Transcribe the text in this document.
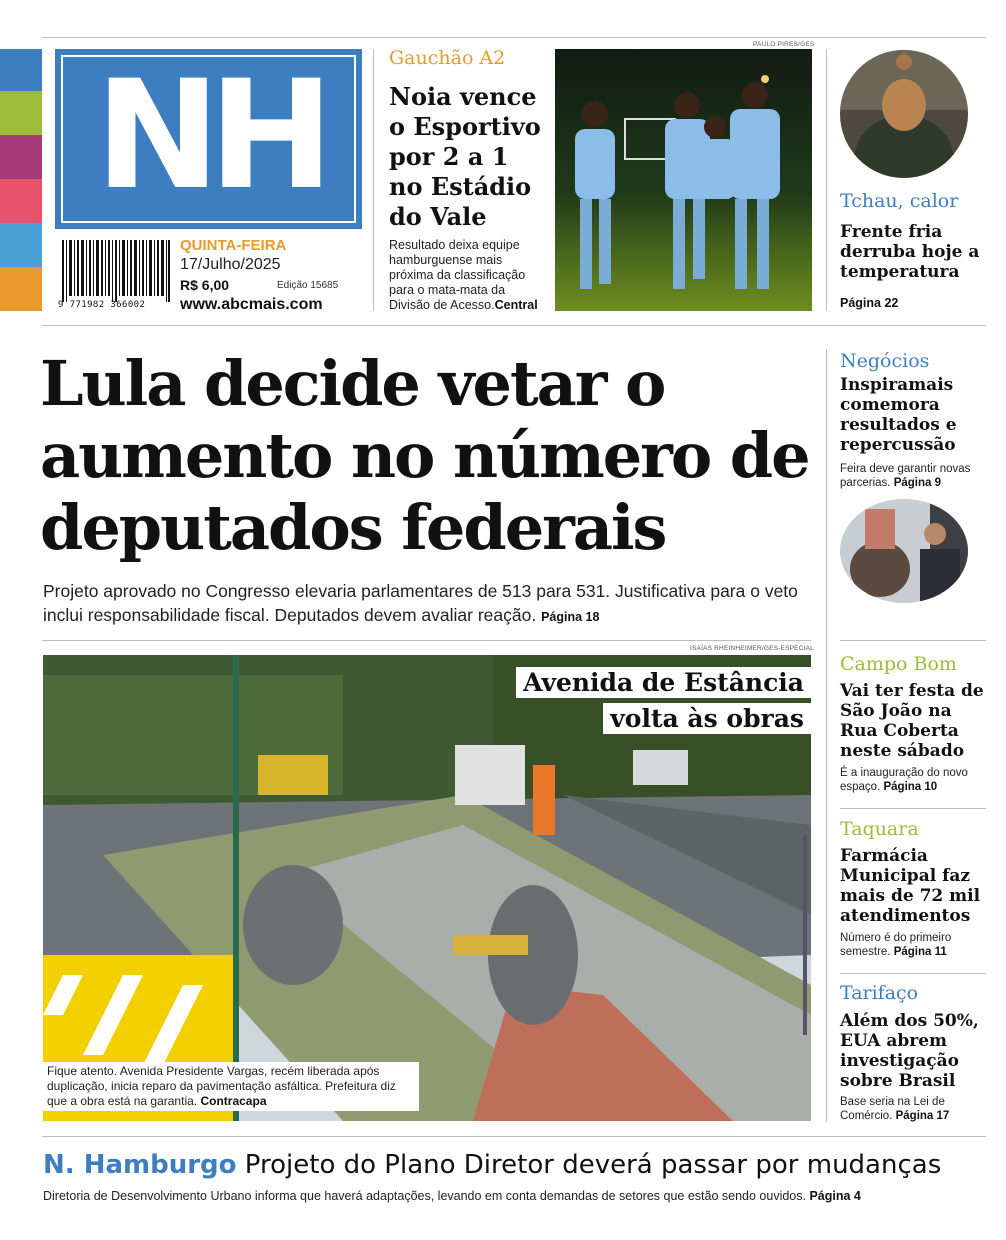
NH
9 771982 366002
QUINTA-FEIRA
17/Julho/2025
R$ 6,00	Edição 15685
www.abcmais.com
Gauchão A2
Noia vence o Esportivo por 2 a 1 no Estádio do Vale
Resultado deixa equipe hamburguense mais próxima da classificação para o mata-mata da Divisão de Acesso.Central
PAULO PIRES/GES
Tchau, calor
Frente fria derruba hoje a temperatura
Página 22
Lula decide vetar o aumento no número de deputados federais
Projeto aprovado no Congresso elevaria parlamentares de 513 para 531. Justificativa para o veto inclui responsabilidade fiscal. Deputados devem avaliar reação. Página 18
ISAÍAS RHEINHEIMER/GES-ESPECIAL
Avenida de Estância
volta às obras
Fique atento. Avenida Presidente Vargas, recém liberada após duplicação, inicia reparo da pavimentação asfáltica. Prefeitura diz que a obra está na garantia. Contracapa
Negócios
Inspiramais comemora resultados e repercussão
Feira deve garantir novas parcerias. Página 9
Campo Bom
Vai ter festa de São João na Rua Coberta neste sábado
É a inauguração do novo espaço. Página 10
Taquara
Farmácia Municipal faz mais de 72 mil atendimentos
Número é do primeiro semestre. Página 11
Tarifaço
Além dos 50%, EUA abrem investigação sobre Brasil
Base seria na Lei de Comércio. Página 17
N. Hamburgo Projeto do Plano Diretor deverá passar por mudanças
Diretoria de Desenvolvimento Urbano informa que haverá adaptações, levando em conta demandas de setores que estão sendo ouvidos. Página 4
